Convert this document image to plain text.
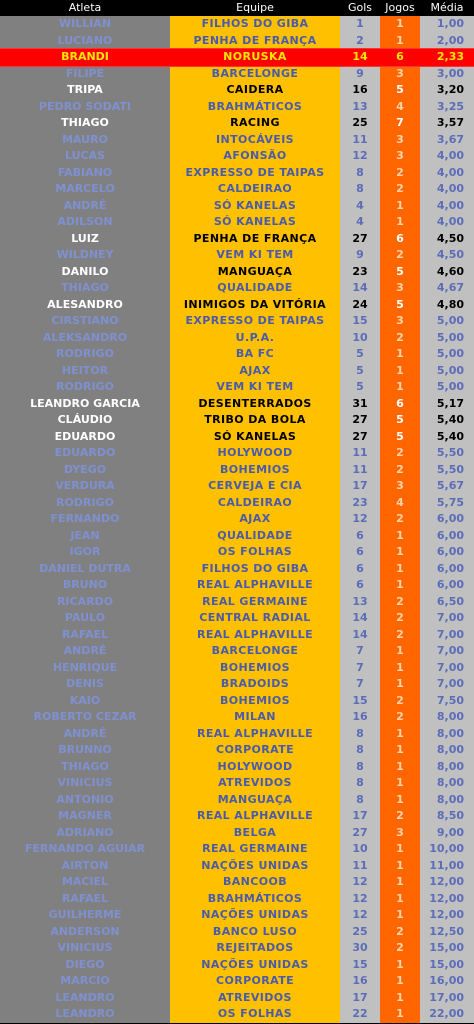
Atleta	Equipe	Gols	Jogos	Média
WILLIAN	FILHOS DO GIBA	1	1	1,00
LUCIANO	PENHA DE FRANÇA	2	1	2,00
BRANDI	NORUSKA	14	6	2,33
FILIPE	BARCELONGE	9	3	3,00
TRIPA	CAIDERA	16	5	3,20
PEDRO SODATI	BRAHMÁTICOS	13	4	3,25
THIAGO	RACING	25	7	3,57
MAURO	INTOCÁVEIS	11	3	3,67
LUCAS	AFONSÃO	12	3	4,00
FABIANO	EXPRESSO DE TAIPAS	8	2	4,00
MARCELO	CALDEIRAO	8	2	4,00
ANDRÉ	SÓ KANELAS	4	1	4,00
ADILSON	SÓ KANELAS	4	1	4,00
LUIZ	PENHA DE FRANÇA	27	6	4,50
WILDNEY	VEM KI TEM	9	2	4,50
DANILO	MANGUAÇA	23	5	4,60
THIAGO	QUALIDADE	14	3	4,67
ALESANDRO	INIMIGOS DA VITÓRIA	24	5	4,80
CIRSTIANO	EXPRESSO DE TAIPAS	15	3	5,00
ALEKSANDRO	U.P.A.	10	2	5,00
RODRIGO	BA FC	5	1	5,00
HEITOR	AJAX	5	1	5,00
RODRIGO	VEM KI TEM	5	1	5,00
LEANDRO GARCIA	DESENTERRADOS	31	6	5,17
CLÁUDIO	TRIBO DA BOLA	27	5	5,40
EDUARDO	SÓ KANELAS	27	5	5,40
EDUARDO	HOLYWOOD	11	2	5,50
DYEGO	BOHEMIOS	11	2	5,50
VERDURA	CERVEJA E CIA	17	3	5,67
RODRIGO	CALDEIRAO	23	4	5,75
FERNANDO	AJAX	12	2	6,00
JEAN	QUALIDADE	6	1	6,00
IGOR	OS FOLHAS	6	1	6,00
DANIEL DUTRA	FILHOS DO GIBA	6	1	6,00
BRUNO	REAL ALPHAVILLE	6	1	6,00
RICARDO	REAL GERMAINE	13	2	6,50
PAULO	CENTRAL RADIAL	14	2	7,00
RAFAEL	REAL ALPHAVILLE	14	2	7,00
ANDRÉ	BARCELONGE	7	1	7,00
HENRIQUE	BOHEMIOS	7	1	7,00
DENIS	BRADOIDS	7	1	7,00
KAIO	BOHEMIOS	15	2	7,50
ROBERTO CEZAR	MILAN	16	2	8,00
ANDRÉ	REAL ALPHAVILLE	8	1	8,00
BRUNNO	CORPORATE	8	1	8,00
THIAGO	HOLYWOOD	8	1	8,00
VINICIUS	ATREVIDOS	8	1	8,00
ANTONIO	MANGUAÇA	8	1	8,00
MAGNER	REAL ALPHAVILLE	17	2	8,50
ADRIANO	BELGA	27	3	9,00
FERNANDO AGUIAR	REAL GERMAINE	10	1	10,00
AIRTON	NAÇÕES UNIDAS	11	1	11,00
MACIEL	BANCOOB	12	1	12,00
RAFAEL	BRAHMÁTICOS	12	1	12,00
GUILHERME	NAÇÕES UNIDAS	12	1	12,00
ANDERSON	BANCO LUSO	25	2	12,50
VINICIUS	REJEITADOS	30	2	15,00
DIEGO	NAÇÕES UNIDAS	15	1	15,00
MARCIO	CORPORATE	16	1	16,00
LEANDRO	ATREVIDOS	17	1	17,00
LEANDRO	OS FOLHAS	22	1	22,00
